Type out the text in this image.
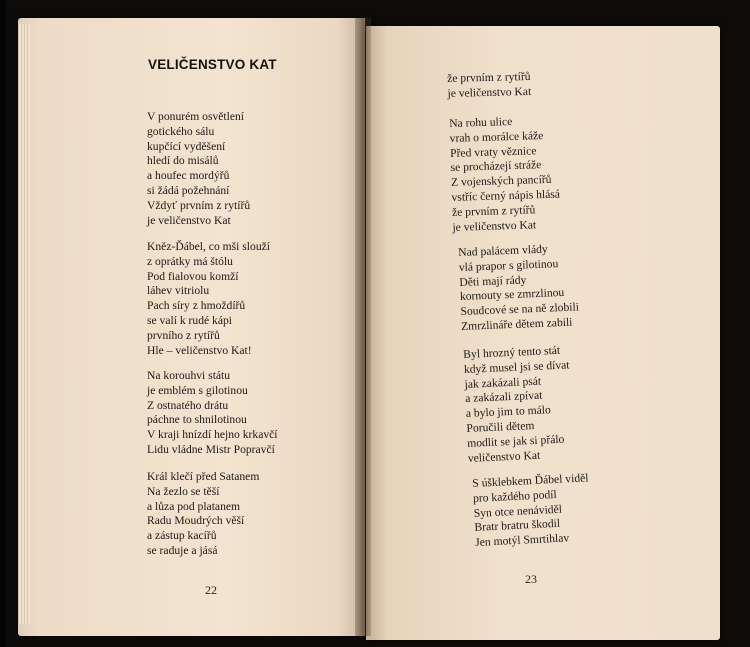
VELIČENSTVO KAT
V ponurém osvětlení
gotického sálu
kupčící vyděšení
hledí do misálů
a houfec mordýřů
si žádá požehnání
Vždyť prvním z rytířů
je veličenstvo Kat
Kněz-Ďábel, co mši slouží
z oprátky má štólu
Pod fialovou komží
láhev vitriolu
Pach síry z hmoždířů
se valí k rudé kápi
prvního z rytířů
Hle – veličenstvo Kat!
Na korouhvi státu
je emblém s gilotinou
Z ostnatého drátu
páchne to shnilotinou
V kraji hnízdí hejno krkavčí
Lidu vládne Mistr Popravčí
Král klečí před Satanem
Na žezlo se těší
a lůza pod platanem
Radu Moudrých věší
a zástup kacířů
se raduje a jásá
22
že prvním z rytířů
je veličenstvo Kat
Na rohu ulice
vrah o morálce káže
Před vraty věznice
se procházejí stráže
Z vojenských pancířů
vstříc černý nápis hlásá
že prvním z rytířů
je veličenstvo Kat
Nad palácem vlády
vlá prapor s gilotinou
Děti mají rády
kornouty se zmrzlinou
Soudcové se na ně zlobili
Zmrzlináře dětem zabili
Byl hrozný tento stát
když musel jsi se dívat
jak zakázali psát
a zakázali zpívat
a bylo jim to málo
Poručili dětem
modlit se jak si přálo
veličenstvo Kat
S úšklebkem Ďábel viděl
pro každého podíl
Syn otce nenáviděl
Bratr bratru škodil
Jen motýl Smrtihlav
23
